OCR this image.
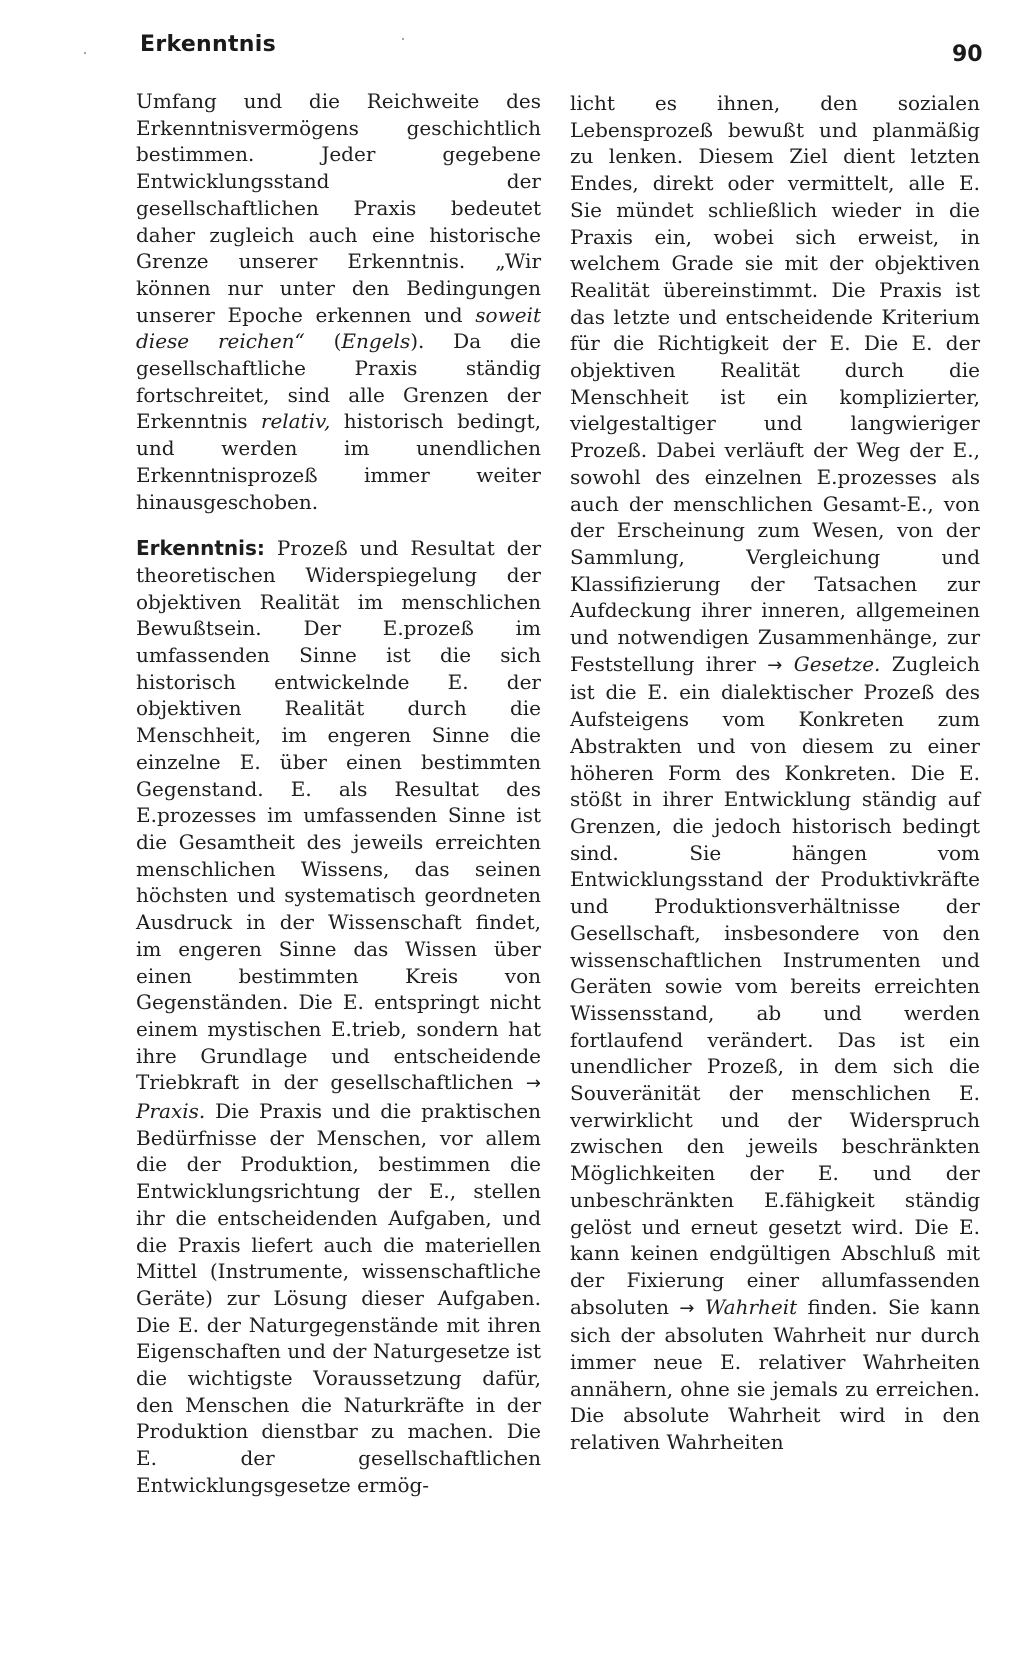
Erkenntnis	90

Umfang und die Reichweite des Erkenntnisvermögens geschichtlich bestimmen. Jeder gegebene Entwicklungsstand der gesellschaftlichen Praxis bedeutet daher zugleich auch eine historische Grenze unserer Erkenntnis. „Wir können nur unter den Bedingungen unserer Epoche erkennen und soweit diese reichen“ (Engels). Da die gesellschaftliche Praxis ständig fortschreitet, sind alle Grenzen der Erkenntnis relativ, historisch bedingt, und werden im unendlichen Erkenntnisprozeß immer weiter hinausgeschoben.

Erkenntnis: Prozeß und Resultat der theoretischen Widerspiegelung der objektiven Realität im menschlichen Bewußtsein. Der E.prozeß im umfassenden Sinne ist die sich historisch entwickelnde E. der objektiven Realität durch die Menschheit, im engeren Sinne die einzelne E. über einen bestimmten Gegenstand. E. als Resultat des E.prozesses im umfassenden Sinne ist die Gesamtheit des jeweils erreichten menschlichen Wissens, das seinen höchsten und systematisch geordneten Ausdruck in der Wissenschaft findet, im engeren Sinne das Wissen über einen bestimmten Kreis von Gegenständen. Die E. entspringt nicht einem mystischen E.trieb, sondern hat ihre Grundlage und entscheidende Triebkraft in der gesellschaftlichen → Praxis. Die Praxis und die praktischen Bedürfnisse der Menschen, vor allem die der Produktion, bestimmen die Entwicklungsrichtung der E., stellen ihr die entscheidenden Aufgaben, und die Praxis liefert auch die materiellen Mittel (Instrumente, wissenschaftliche Geräte) zur Lösung dieser Aufgaben. Die E. der Naturgegenstände mit ihren Eigenschaften und der Naturgesetze ist die wichtigste Voraussetzung dafür, den Menschen die Naturkräfte in der Produktion dienstbar zu machen. Die E. der gesellschaftlichen Entwicklungsgesetze ermög-

licht es ihnen, den sozialen Lebensprozeß bewußt und planmäßig zu lenken. Diesem Ziel dient letzten Endes, direkt oder vermittelt, alle E. Sie mündet schließlich wieder in die Praxis ein, wobei sich erweist, in welchem Grade sie mit der objektiven Realität übereinstimmt. Die Praxis ist das letzte und entscheidende Kriterium für die Richtigkeit der E. Die E. der objektiven Realität durch die Menschheit ist ein komplizierter, vielgestaltiger und langwieriger Prozeß. Dabei verläuft der Weg der E., sowohl des einzelnen E.prozesses als auch der menschlichen Gesamt-E., von der Erscheinung zum Wesen, von der Sammlung, Vergleichung und Klassifizierung der Tatsachen zur Aufdeckung ihrer inneren, allgemeinen und notwendigen Zusammenhänge, zur Feststellung ihrer → Gesetze. Zugleich ist die E. ein dialektischer Prozeß des Aufsteigens vom Konkreten zum Abstrakten und von diesem zu einer höheren Form des Konkreten. Die E. stößt in ihrer Entwicklung ständig auf Grenzen, die jedoch historisch bedingt sind. Sie hängen vom Entwicklungsstand der Produktivkräfte und Produktionsverhältnisse der Gesellschaft, insbesondere von den wissenschaftlichen Instrumenten und Geräten sowie vom bereits erreichten Wissensstand, ab und werden fortlaufend verändert. Das ist ein unendlicher Prozeß, in dem sich die Souveränität der menschlichen E. verwirklicht und der Widerspruch zwischen den jeweils beschränkten Möglichkeiten der E. und der unbeschränkten E.fähigkeit ständig gelöst und erneut gesetzt wird. Die E. kann keinen endgültigen Abschluß mit der Fixierung einer allumfassenden absoluten → Wahrheit finden. Sie kann sich der absoluten Wahrheit nur durch immer neue E. relativer Wahrheiten annähern, ohne sie jemals zu erreichen. Die absolute Wahrheit wird in den relativen Wahrheiten
